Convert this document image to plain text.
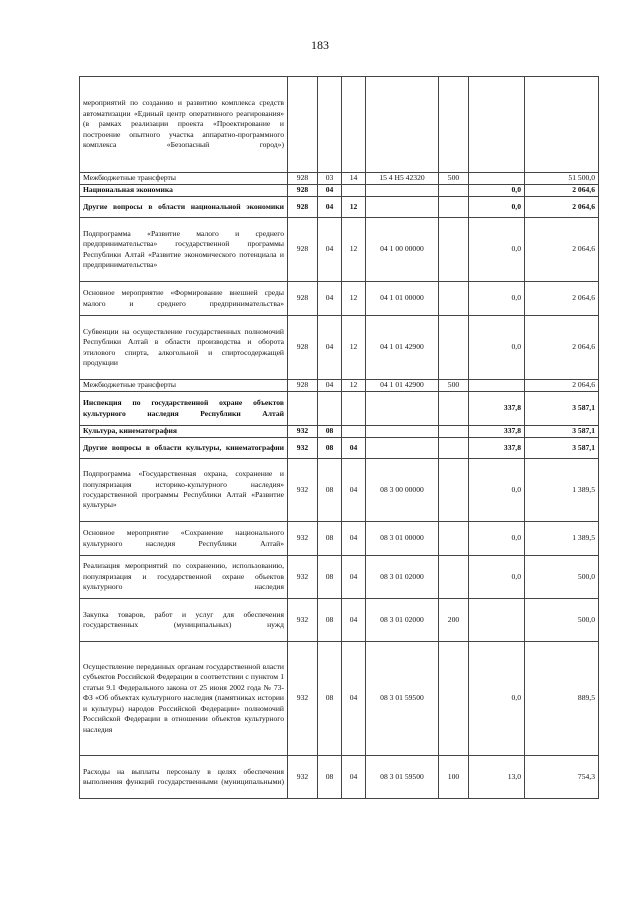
183
мероприятий по созданию и развитию комплекса средств автоматизации «Единый центр оперативного реагирования» (в рамках реализации проекта «Проектирование и построение опытного участка аппаратно-программного комплекса «Безопасный город»)							
Межбюджетные трансферты	928	03	14	15 4 Н5 42320	500		51 500,0
Национальная экономика	928	04				0,0	2 064,6
Другие вопросы в области национальной экономики	928	04	12			0,0	2 064,6
Подпрограмма «Развитие малого и среднего предпринимательства» государственной программы Республики Алтай «Развитие экономического потенциала и предпринимательства»	928	04	12	04 1 00 00000		0,0	2 064,6
Основное мероприятие «Формирование внешней среды малого и среднего предпринимательства»	928	04	12	04 1 01 00000		0,0	2 064,6
Субвенции на осуществление государственных полномочий Республики Алтай в области производства и оборота этилового спирта, алкогольной и спиртосодержащей продукции	928	04	12	04 1 01 42900		0,0	2 064,6
Межбюджетные трансферты	928	04	12	04 1 01 42900	500		2 064,6
Инспекция по государственной охране объектов культурного наследия Республики Алтай						337,8	3 587,1
Культура, кинематография	932	08				337,8	3 587,1
Другие вопросы в области культуры, кинематографии	932	08	04			337,8	3 587,1
Подпрограмма «Государственная охрана, сохранение и популяризация историко-культурного наследия» государственной программы Республики Алтай «Развитие культуры»	932	08	04	08 3 00 00000		0,0	1 389,5
Основное мероприятие «Сохранение национального культурного наследия Республики Алтай»	932	08	04	08 3 01 00000		0,0	1 389,5
Реализация мероприятий по сохранению, использованию, популяризация и государственной охране объектов культурного наследия	932	08	04	08 3 01 02000		0,0	500,0
Закупка товаров, работ и услуг для обеспечения государственных (муниципальных) нужд	932	08	04	08 3 01 02000	200		500,0
Осуществление переданных органам государственной власти субъектов Российской Федерации в соответствии с пунктом 1 статьи 9.1 Федерального закона от 25 июня 2002 года № 73-ФЗ «Об объектах культурного наследия (памятниках истории и культуры) народов Российской Федерации» полномочий Российской Федерации в отношении объектов культурного наследия	932	08	04	08 3 01 59500		0,0	889,5
Расходы на выплаты персоналу в целях обеспечения выполнения функций государственными (муниципальными)	932	08	04	08 3 01 59500	100	13,0	754,3
